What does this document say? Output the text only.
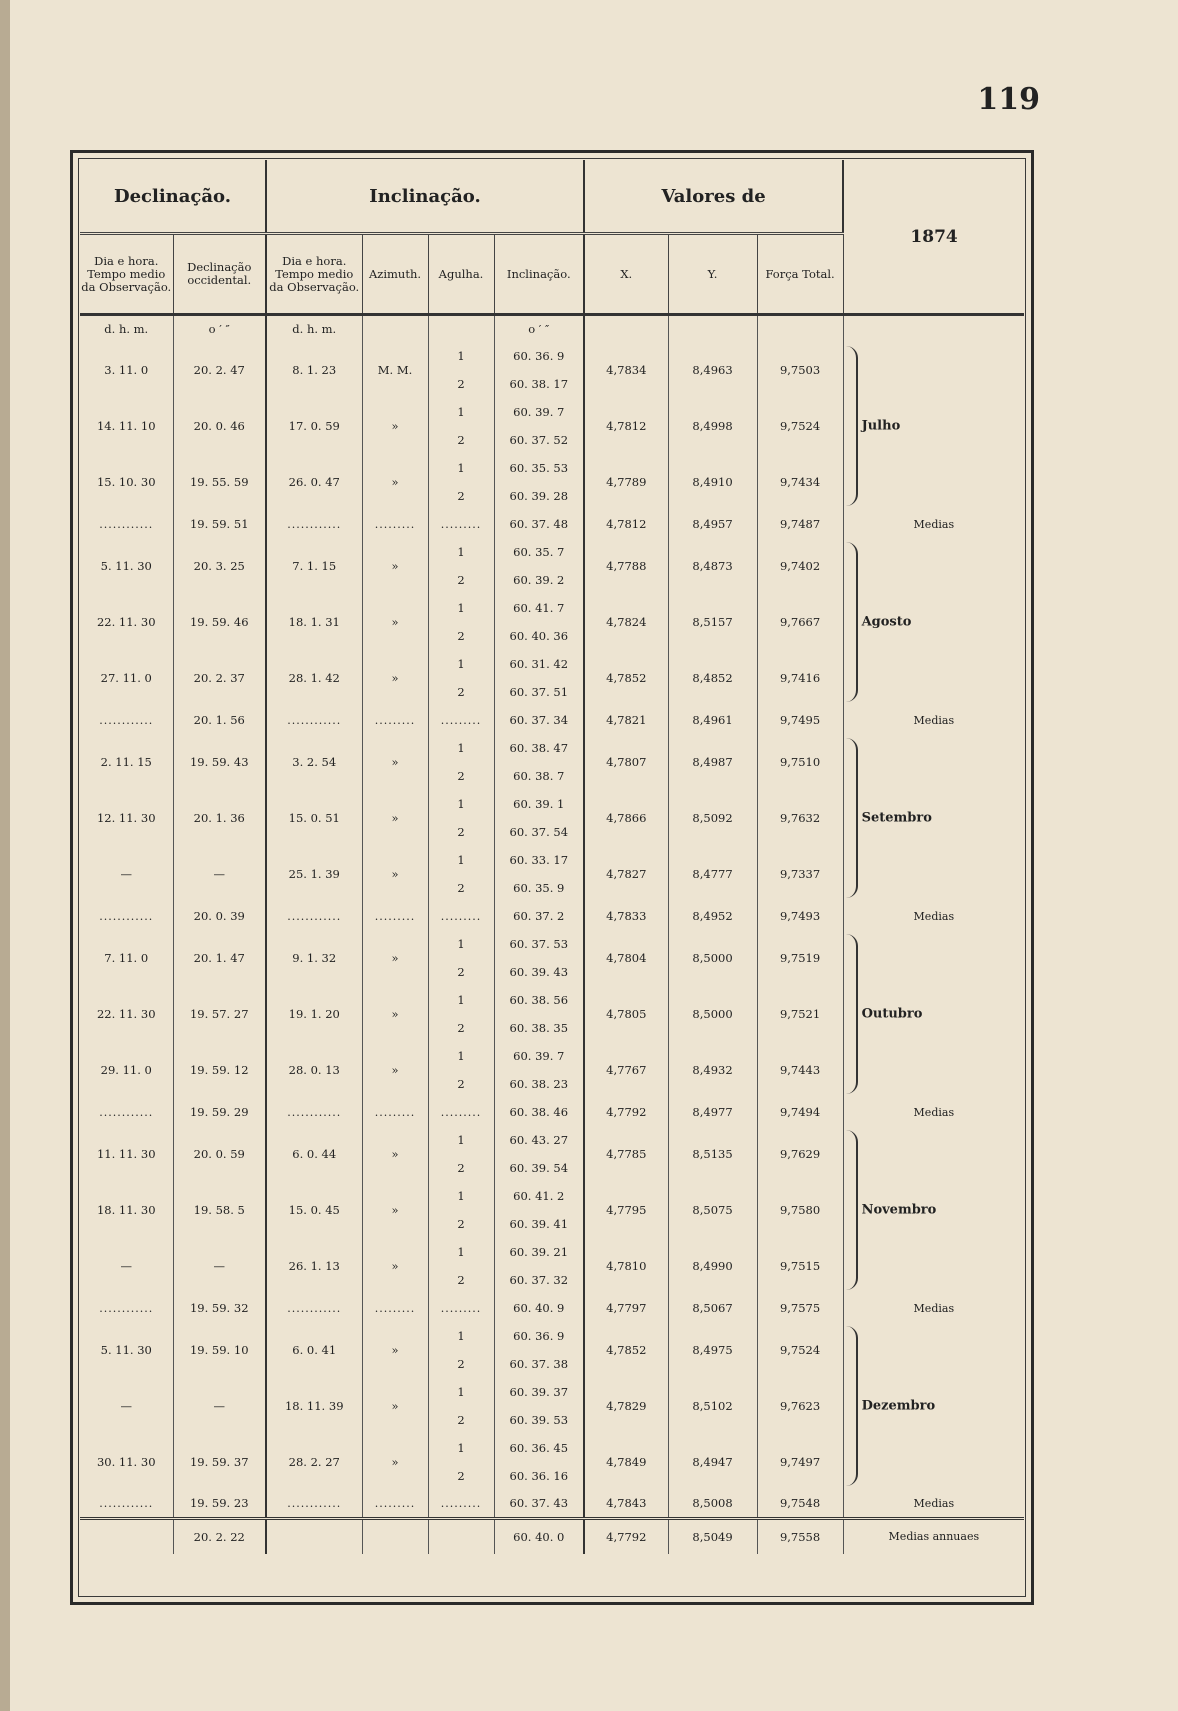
119
Declinação.		Inclinação.				Valores de			1874
Dia e hora.
Tempo medio
da Observação.	Declinação
occidental.	Dia e hora.
Tempo medio
da Observação.	Azimuth.	Agulha.	Inclinação.	X.	Y.	Força Total.	
d. h. m.	o ′ ″	d. h. m.			o ′ ″				
3. 11. 0	20. 2. 47	8. 1. 23	M. M.	1	60. 36. 9	4,7834	8,4963	9,7503	Julho

				2	60. 38. 17				
14. 11. 10	20. 0. 46	17. 0. 59	»	1	60. 39. 7	4,7812	8,4998	9,7524	
				2	60. 37. 52				
15. 10. 30	19. 55. 59	26. 0. 47	»	1	60. 35. 53	4,7789	8,4910	9,7434	
				2	60. 39. 28				
............	19. 59. 51	............	.........	.........	60. 37. 48	4,7812	8,4957	9,7487	Medias
5. 11. 30	20. 3. 25	7. 1. 15	»	1	60. 35. 7	4,7788	8,4873	9,7402	Agosto

				2	60. 39. 2				
22. 11. 30	19. 59. 46	18. 1. 31	»	1	60. 41. 7	4,7824	8,5157	9,7667	
				2	60. 40. 36				
27. 11. 0	20. 2. 37	28. 1. 42	»	1	60. 31. 42	4,7852	8,4852	9,7416	
				2	60. 37. 51				
............	20. 1. 56	............	.........	.........	60. 37. 34	4,7821	8,4961	9,7495	Medias
2. 11. 15	19. 59. 43	3. 2. 54	»	1	60. 38. 47	4,7807	8,4987	9,7510	Setembro

				2	60. 38. 7				
12. 11. 30	20. 1. 36	15. 0. 51	»	1	60. 39. 1	4,7866	8,5092	9,7632	
				2	60. 37. 54				
—	—	25. 1. 39	»	1	60. 33. 17	4,7827	8,4777	9,7337	
				2	60. 35. 9				
............	20. 0. 39	............	.........	.........	60. 37. 2	4,7833	8,4952	9,7493	Medias
7. 11. 0	20. 1. 47	9. 1. 32	»	1	60. 37. 53	4,7804	8,5000	9,7519	Outubro

				2	60. 39. 43				
22. 11. 30	19. 57. 27	19. 1. 20	»	1	60. 38. 56	4,7805	8,5000	9,7521	
				2	60. 38. 35				
29. 11. 0	19. 59. 12	28. 0. 13	»	1	60. 39. 7	4,7767	8,4932	9,7443	
				2	60. 38. 23				
............	19. 59. 29	............	.........	.........	60. 38. 46	4,7792	8,4977	9,7494	Medias
11. 11. 30	20. 0. 59	6. 0. 44	»	1	60. 43. 27	4,7785	8,5135	9,7629	Novembro

				2	60. 39. 54				
18. 11. 30	19. 58. 5	15. 0. 45	»	1	60. 41. 2	4,7795	8,5075	9,7580	
				2	60. 39. 41				
—	—	26. 1. 13	»	1	60. 39. 21	4,7810	8,4990	9,7515	
				2	60. 37. 32				
............	19. 59. 32	............	.........	.........	60. 40. 9	4,7797	8,5067	9,7575	Medias
5. 11. 30	19. 59. 10	6. 0. 41	»	1	60. 36. 9	4,7852	8,4975	9,7524	Dezembro

				2	60. 37. 38				
—	—	18. 11. 39	»	1	60. 39. 37	4,7829	8,5102	9,7623	
				2	60. 39. 53				
30. 11. 30	19. 59. 37	28. 2. 27	»	1	60. 36. 45	4,7849	8,4947	9,7497	
				2	60. 36. 16				
............	19. 59. 23	............	.........	.........	60. 37. 43	4,7843	8,5008	9,7548	Medias
	20. 2. 22				60. 40. 0	4,7792	8,5049	9,7558	Medias annuaes
